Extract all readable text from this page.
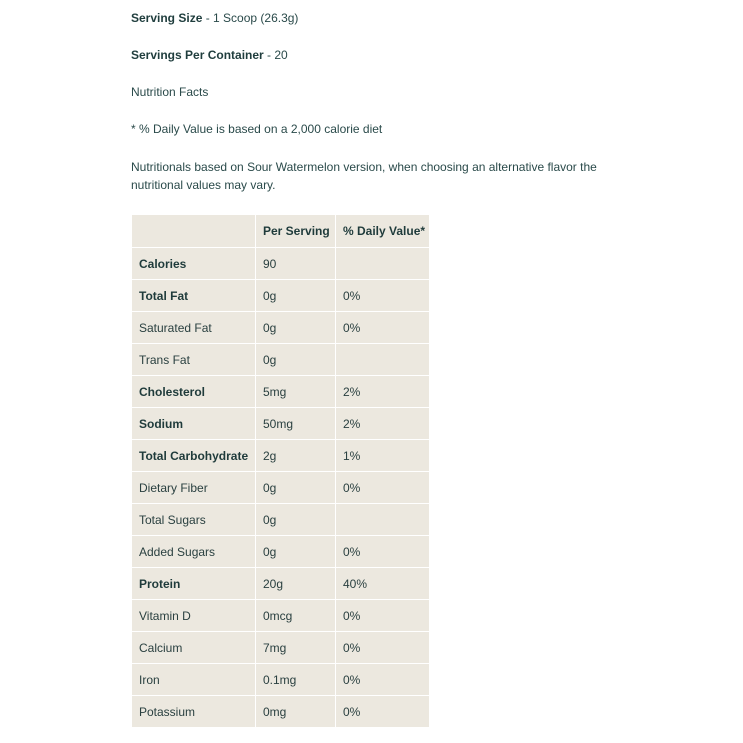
Serving Size - 1 Scoop (26.3g)

Servings Per Container - 20

Nutrition Facts

* % Daily Value is based on a 2,000 calorie diet

Nutritionals based on Sour Watermelon version, when choosing an alternative flavor the nutritional values may vary.

	Per Serving	% Daily Value*
Calories	90	
Total Fat	0g	0%
Saturated Fat	0g	0%
Trans Fat	0g	
Cholesterol	5mg	2%
Sodium	50mg	2%
Total Carbohydrate	2g	1%
Dietary Fiber	0g	0%
Total Sugars	0g	
Added Sugars	0g	0%
Protein	20g	40%
Vitamin D	0mcg	0%
Calcium	7mg	0%
Iron	0.1mg	0%
Potassium	0mg	0%
